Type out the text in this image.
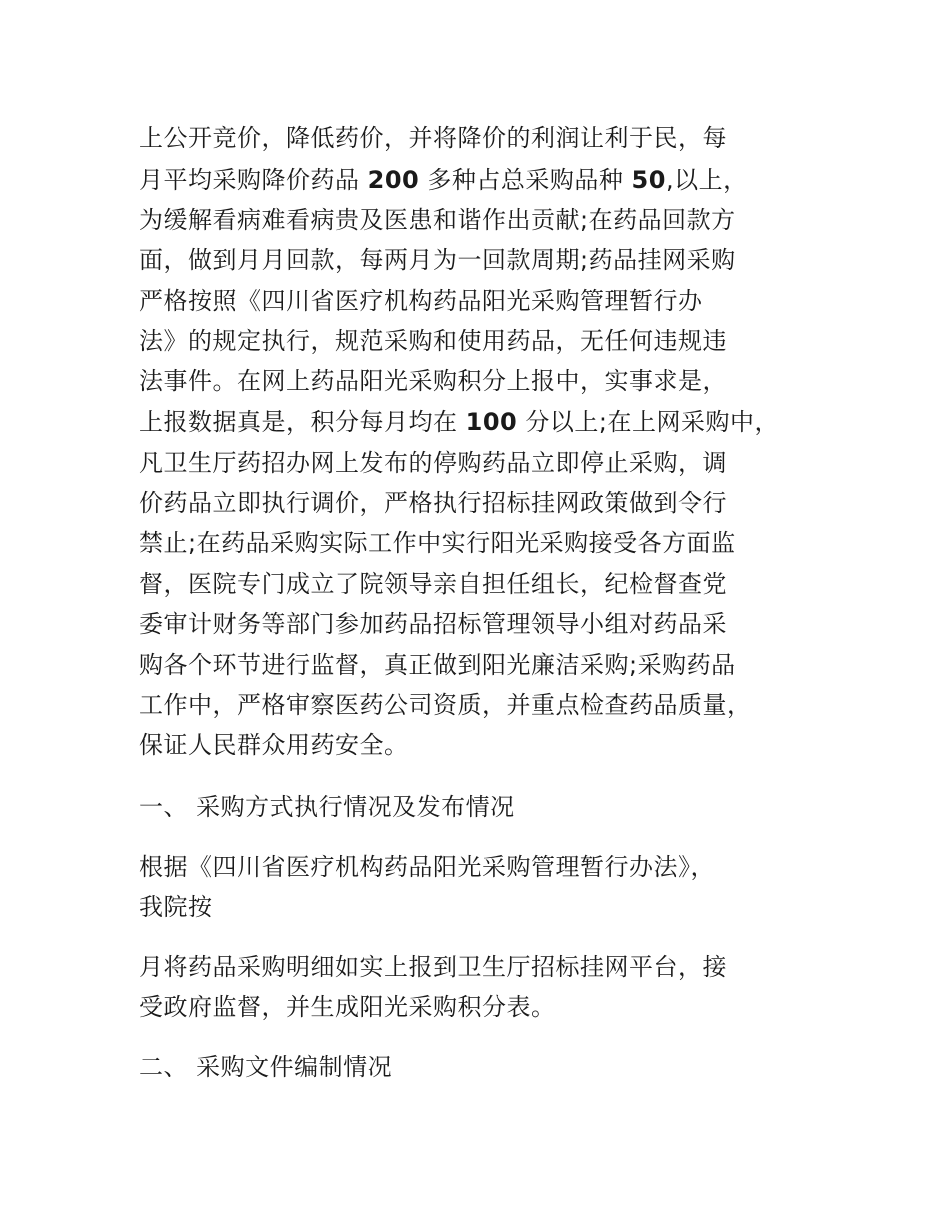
上公开竞价，降低药价，并将降价的利润让利于民，每
月平均采购降价药品 200 多种占总采购品种 50,以上，
为缓解看病难看病贵及医患和谐作出贡献;在药品回款方
面，做到月月回款，每两月为一回款周期;药品挂网采购
严格按照《四川省医疗机构药品阳光采购管理暂行办
法》的规定执行，规范采购和使用药品，无任何违规违
法事件。在网上药品阳光采购积分上报中，实事求是，
上报数据真是，积分每月均在 100 分以上;在上网采购中，
凡卫生厅药招办网上发布的停购药品立即停止采购，调
价药品立即执行调价，严格执行招标挂网政策做到令行
禁止;在药品采购实际工作中实行阳光采购接受各方面监
督，医院专门成立了院领导亲自担任组长，纪检督查党
委审计财务等部门参加药品招标管理领导小组对药品采
购各个环节进行监督，真正做到阳光廉洁采购;采购药品
工作中，严格审察医药公司资质，并重点检查药品质量，
保证人民群众用药安全。
一、 采购方式执行情况及发布情况
根据《四川省医疗机构药品阳光采购管理暂行办法》，
我院按
月将药品采购明细如实上报到卫生厅招标挂网平台，接
受政府监督，并生成阳光采购积分表。
二、 采购文件编制情况
